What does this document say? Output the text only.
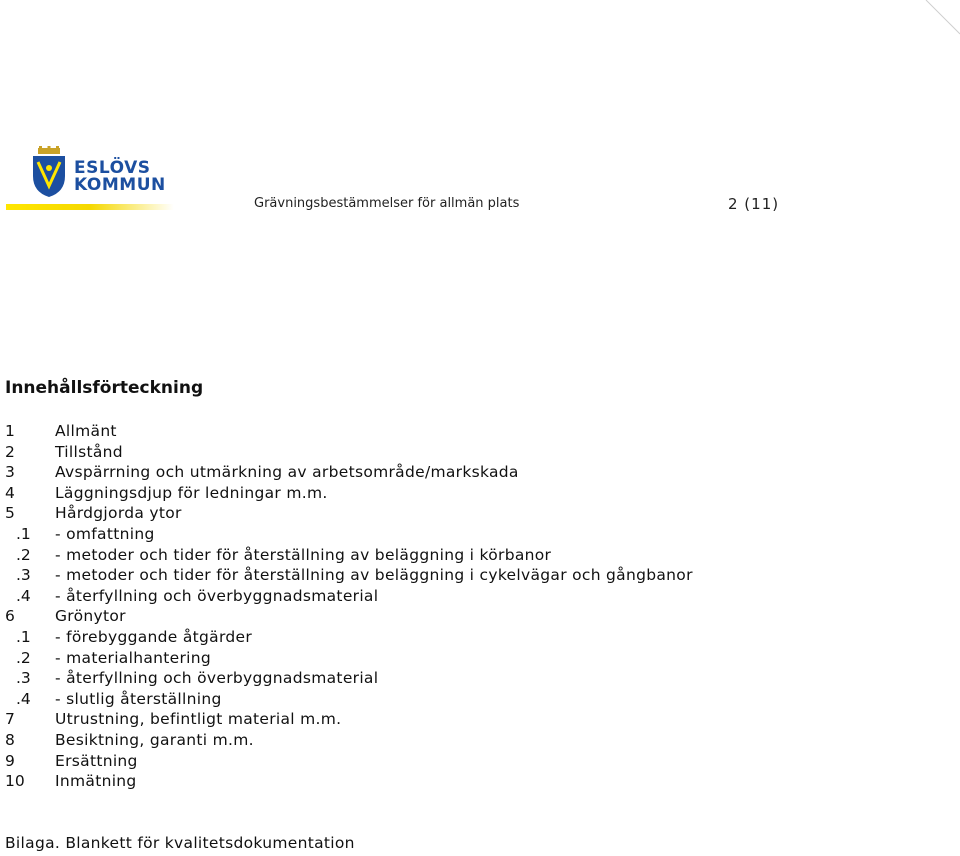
ESLÖVS
KOMMUN
Grävningsbestämmelser för allmän plats	2 (11)
Innehållsförteckning
1	Allmänt
2	Tillstånd
3	Avspärrning och utmärkning av arbetsområde/markskada
4	Läggningsdjup för ledningar m.m.
5	Hårdgjorda ytor
.1 - omfattning
.2 - metoder och tider för återställning av beläggning i körbanor
.3 - metoder och tider för återställning av beläggning i cykelvägar och gångbanor
.4 - återfyllning och överbyggnadsmaterial
6	Grönytor
.1 - förebyggande åtgärder
.2 - materialhantering
.3 - återfyllning och överbyggnadsmaterial
.4 - slutlig återställning
7	Utrustning, befintligt material m.m.
8	Besiktning, garanti m.m.
9	Ersättning
10 Inmätning
Bilaga. Blankett för kvalitetsdokumentation
